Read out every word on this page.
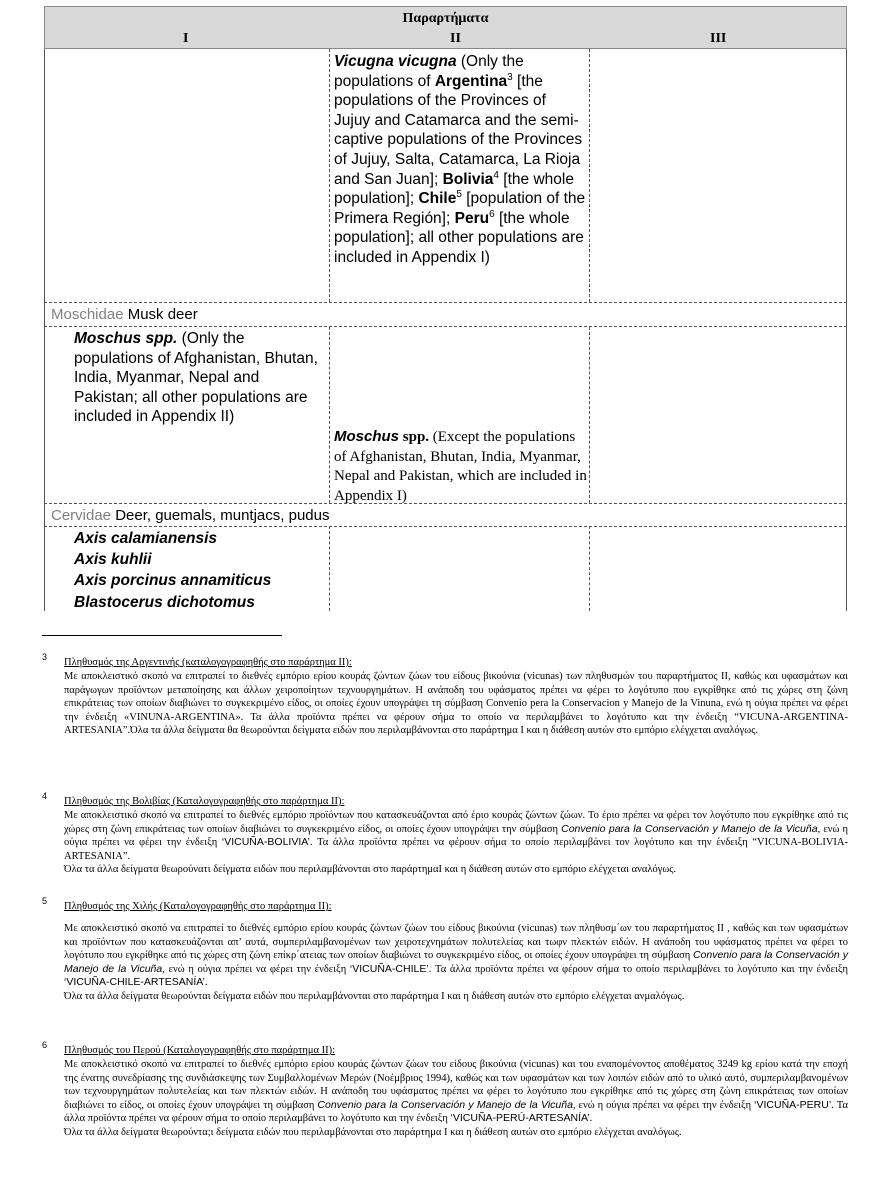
Παραρτήματα
I	II	III
Vicugna vicugna (Only the populations of Argentina$^3$ [the populations of the Provinces of Jujuy and Catamarca and the semi-captive populations of the Provinces of Jujuy, Salta, Catamarca, La Rioja and San Juan]; Bolivia$^4$ [the whole population]; Chile$^5$ [population of the Primera Región]; Peru$^6$ [the whole population]; all other populations are included in Appendix I)
Moschidae Musk deer
Moschus spp. (Only the populations of Afghanistan, Bhutan, India, Myanmar, Nepal and Pakistan; all other populations are included in Appendix II)
Moschus spp. (Except the populations of Afghanistan, Bhutan, India, Myanmar, Nepal and Pakistan, which are included in Appendix I)
Cervidae Deer, guemals, muntjacs, pudus
Axis calamianensis
Axis kuhlii
Axis porcinus annamiticus
Blastocerus dichotomus
3 Πληθυσμός της Αργεντινής (καταλογογραφηθής στο παράρτημα II):

Με αποκλειστικό σκοπό να επιτραπεί το διεθνές εμπόριο ερίου κουράς ζώντων ζώων του είδους βικούνια (vicunas) των πληθυσμών του παραρτήματος II, καθώς και υφασμάτων και παράγωγων προϊόντων μεταποίησης και άλλων χειροποίητων τεχνουργημάτων. Η ανάποδη του υφάσματος πρέπει να φέρει το λογότυπο που εγκρίθηκε από τις χώρες στη ζώνη επικράτειας των οποίων διαβιώνει το συγκεκριμένο είδος, οι οποίες έχουν υπογράψει τη σύμβαση Convenio pera la Conservacion y Manejo de la Vinuna, ενώ η ούγια πρέπει να φέρει την ένδειξη «VINUNA-ARGENTINA». Τα άλλα προϊόντα πρέπει να φέρουν σήμα το οποίο να περιλαμβάνει το λογότυπο και την ένδειξη “VICUNA-ARGENTINA-ARTESANIA”.Όλα τα άλλα δείγματα θα θεωρούνται δείγματα ειδών που περιλαμβάνονται στο παράρτημα I και η διάθεση αυτών στο εμπόριο ελέγχεται αναλόγως.

4 Πληθυσμός της Βολιβίας (Καταλογογραφηθής στο παράρτημα II):

Με αποκλειστικό σκοπό να επιτραπεί το διεθνές εμπόριο προϊόντων που κατασκευάζονται από έριο κουράς ζώντων ζώων. Το έριο πρέπει να φέρει τον λογότυπο που εγκρίθηκε από τις χώρες στη ζώνη επικράτειας των οποίων διαβιώνει το συγκεκριμένο είδος, οι οποίες έχουν υπογράψει την σύμβαση Convenio para la Conservación y Manejo de la Vicuña, ενώ η ούγια πρέπει να φέρει την ένδειξη ‘VICUÑA-BOLIVIA’. Τα άλλα προϊόντα πρέπει να φέρουν σήμα το οποίο περιλαμβάνει τον λογότυπο και την ένδειξη “VICUNA-BOLIVIA-ARTESANIA”.

Όλα τα άλλα δείγματα θεωρούνατι δείγματα ειδών που περιλαμβάνονται στο παράρτημαI και η διάθεση αυτών στο εμπόριο ελέγχεται αναλόγως.

5 Πληθυσμός της Χιλής (Καταλογογραφηθής στο παράρτημα II):

Με αποκλειστικό σκοπό να επιτραπεί το διεθνές εμπόριο ερίου κουράς ζώντων ζώων του είδους βικούνια (vicunas) των πληθυσμ΄ων του παραρτήματος II , καθώς και των υφασμάτων και προϊόντων που κατασκευάζονται απ’ αυτά, συμπεριλαμβανομένων των χειροτεχνημάτων πολυτελείας και τωφν πλεκτών ειδών. Η ανάποδη του υφάσματος πρέπει να φέρει το λογότυπο που εγκρίθηκε από τις χώρες στη ζώνη επίκρ΄ατειας των οποίων διαβιώνει το συγκεκριμένο είδος, οι οποίες έχουν υπογράψει τη σύμβαση Convenio para la Conservación y Manejo de la Vicuña, ενώ η ούγια πρέπει να φέρει την ένδειξη ‘VICUÑA-CHILE’. Τα άλλα προϊόντα πρέπει να φέρουν σήμα το οποίο περιλαμβάνει το λογότυπο και την ένδειξη ‘VICUÑA-CHILE-ARTESANÍA’.

Όλα τα άλλα δείγματα θεωρούνται δείγματα ειδών που περιλαμβάνονται στο παράρτημα I και η διάθεση αυτών στο εμπόριο ελέγχεται ανμαλόγως.

6 Πληθυσμός του Περού (Καταλογογραφηθής στο παράρτημα II):

Με αποκλειστικό σκοπό να επιτραπεί το διεθνές εμπόριο ερίου κουράς ζώντων ζώων του είδους βικούνια (vicunas) και του εναπομένοντος αποθέματος 3249 kg ερίου κατά την εποχή της ένατης συνεδρίασης της συνδιάσκεψης των Συμβαλλομένων Μερών (Νοέμβριος 1994), καθώς και των υφασμάτων και των λοιπών ειδών από το υλικό αυτό, συμπεριλαμβανομένων των τεχνουργημάτων πολυτελείας και των πλεκτών ειδών. Η ανάποδη του υφάσματος πρέπει να φέρει το λογότυπο που εγκρίθηκε από τις χώρες στη ζώνη επικράτειας των οποίων διαβιώνει το είδος, οι οποίες έχουν υπογράψει τη σύμβαση Convenio para la Conservación y Manejo de la Vicuña, ενώ η ούγια πρέπει να φέρει την ένδειξη ‘VICUÑA-PERU’. Τα άλλα προϊόντα πρέπει να φέρουν σήμα το οποίο περιλαμβάνει το λογότυπο και την ένδειξη ‘VICUÑA-PERÚ-ARTESANÍA’.

Όλα τα άλλα δείγματα θεωρούντα;ι δείγματα ειδών που περιλαμβάνονται στο παράρτημα I και η διάθεση αυτών στο εμπόριο ελέγχεται αναλόγως.
